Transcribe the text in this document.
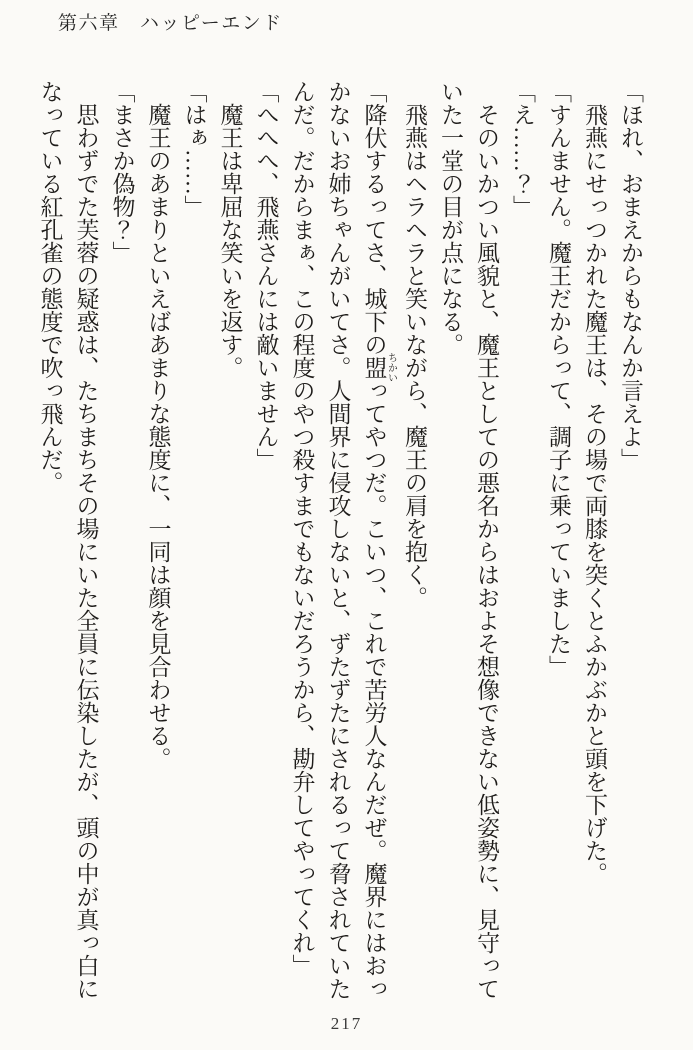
第六章　ハッピーエンド

「ほれ、おまえからもなんか言えよ」

　飛燕にせっつかれた魔王は、その場で両膝を突くとふかぶかと頭を下げた。

「すんません。魔王だからって、調子に乗っていました」

「え……？」

　そのいかつい風貌と、魔王としての悪名からはおよそ想像できない低姿勢に、見守っていた一堂の目が点になる。

　飛燕はヘラヘラと笑いながら、魔王の肩を抱く。

「降伏するってさ、城下の盟 ちかいってやつだ。こいつ、これで苦労人なんだぜ。魔界にはおっかないお姉ちゃんがいてさ。人間界に侵攻しないと、ずたずたにされるって脅されていたんだ。だからまぁ、この程度のやつ殺すまでもないだろうから、勘弁してやってくれ」

「へへへ、飛燕さんには敵いません」

　魔王は卑屈な笑いを返す。

「はぁ……」

　魔王のあまりといえばあまりな態度に、一同は顔を見合わせる。

「まさか偽物？」

　思わずでた芙蓉の疑惑は、たちまちその場にいた全員に伝染したが、頭の中が真っ白になっている紅孔雀の態度で吹っ飛んだ。

217
